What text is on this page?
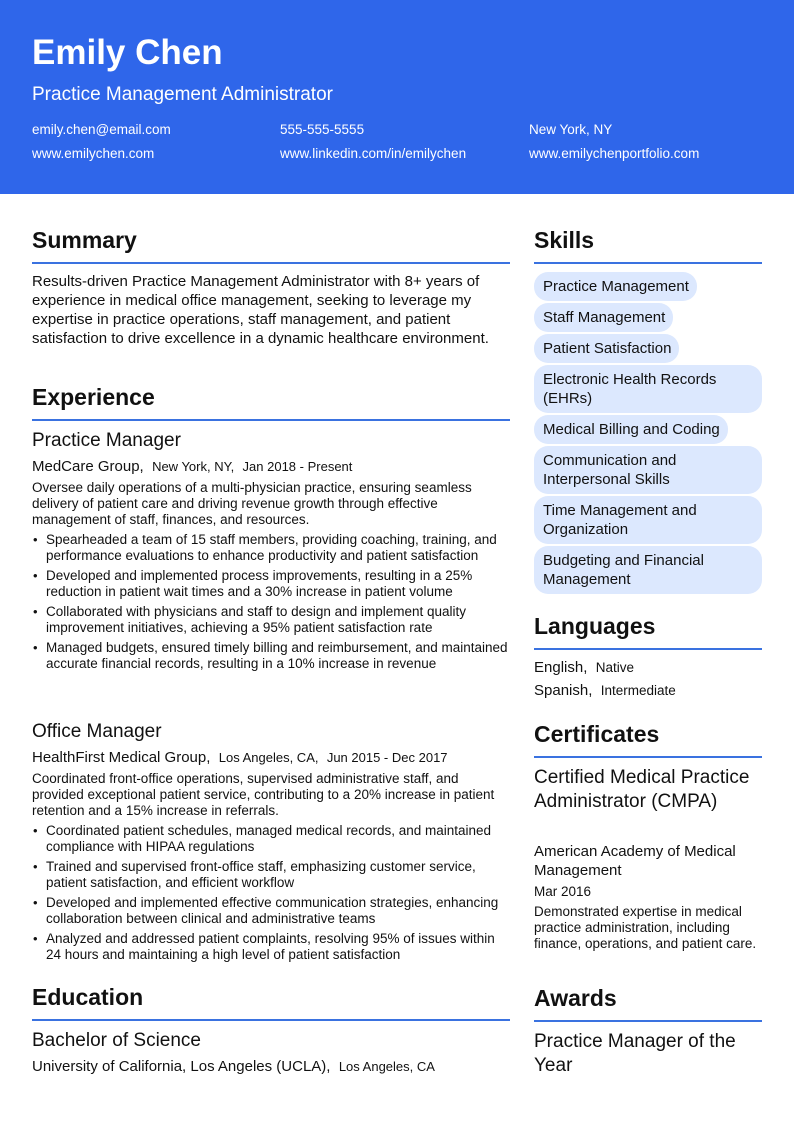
Emily Chen
Practice Management Administrator
emily.chen@email.com	555-555-5555	New York, NY
www.emilychen.com	www.linkedin.com/in/emilychen	www.emilychenportfolio.com
Summary
Results-driven Practice Management Administrator with 8+ years of experience in medical office management, seeking to leverage my expertise in practice operations, staff management, and patient satisfaction to drive excellence in a dynamic healthcare environment.
Experience
Practice Manager
MedCare Group, New York, NY, Jan 2018 - Present
Oversee daily operations of a multi-physician practice, ensuring seamless delivery of patient care and driving revenue growth through effective management of staff, finances, and resources.
• Spearheaded a team of 15 staff members, providing coaching, training, and performance evaluations to enhance productivity and patient satisfaction
• Developed and implemented process improvements, resulting in a 25% reduction in patient wait times and a 30% increase in patient volume
• Collaborated with physicians and staff to design and implement quality improvement initiatives, achieving a 95% patient satisfaction rate
• Managed budgets, ensured timely billing and reimbursement, and maintained accurate financial records, resulting in a 10% increase in revenue
Office Manager
HealthFirst Medical Group, Los Angeles, CA, Jun 2015 - Dec 2017
Coordinated front-office operations, supervised administrative staff, and provided exceptional patient service, contributing to a 20% increase in patient retention and a 15% increase in referrals.
• Coordinated patient schedules, managed medical records, and maintained compliance with HIPAA regulations
• Trained and supervised front-office staff, emphasizing customer service, patient satisfaction, and efficient workflow
• Developed and implemented effective communication strategies, enhancing collaboration between clinical and administrative teams
• Analyzed and addressed patient complaints, resolving 95% of issues within 24 hours and maintaining a high level of patient satisfaction
Education
Bachelor of Science
University of California, Los Angeles (UCLA), Los Angeles, CA
Skills
Practice Management
Staff Management
Patient Satisfaction
Electronic Health Records (EHRs)
Medical Billing and Coding
Communication and Interpersonal Skills
Time Management and Organization
Budgeting and Financial Management
Languages
English, Native
Spanish, Intermediate
Certificates
Certified Medical Practice Administrator (CMPA)
American Academy of Medical Management
Mar 2016
Demonstrated expertise in medical practice administration, including finance, operations, and patient care.
Awards
Practice Manager of the Year
